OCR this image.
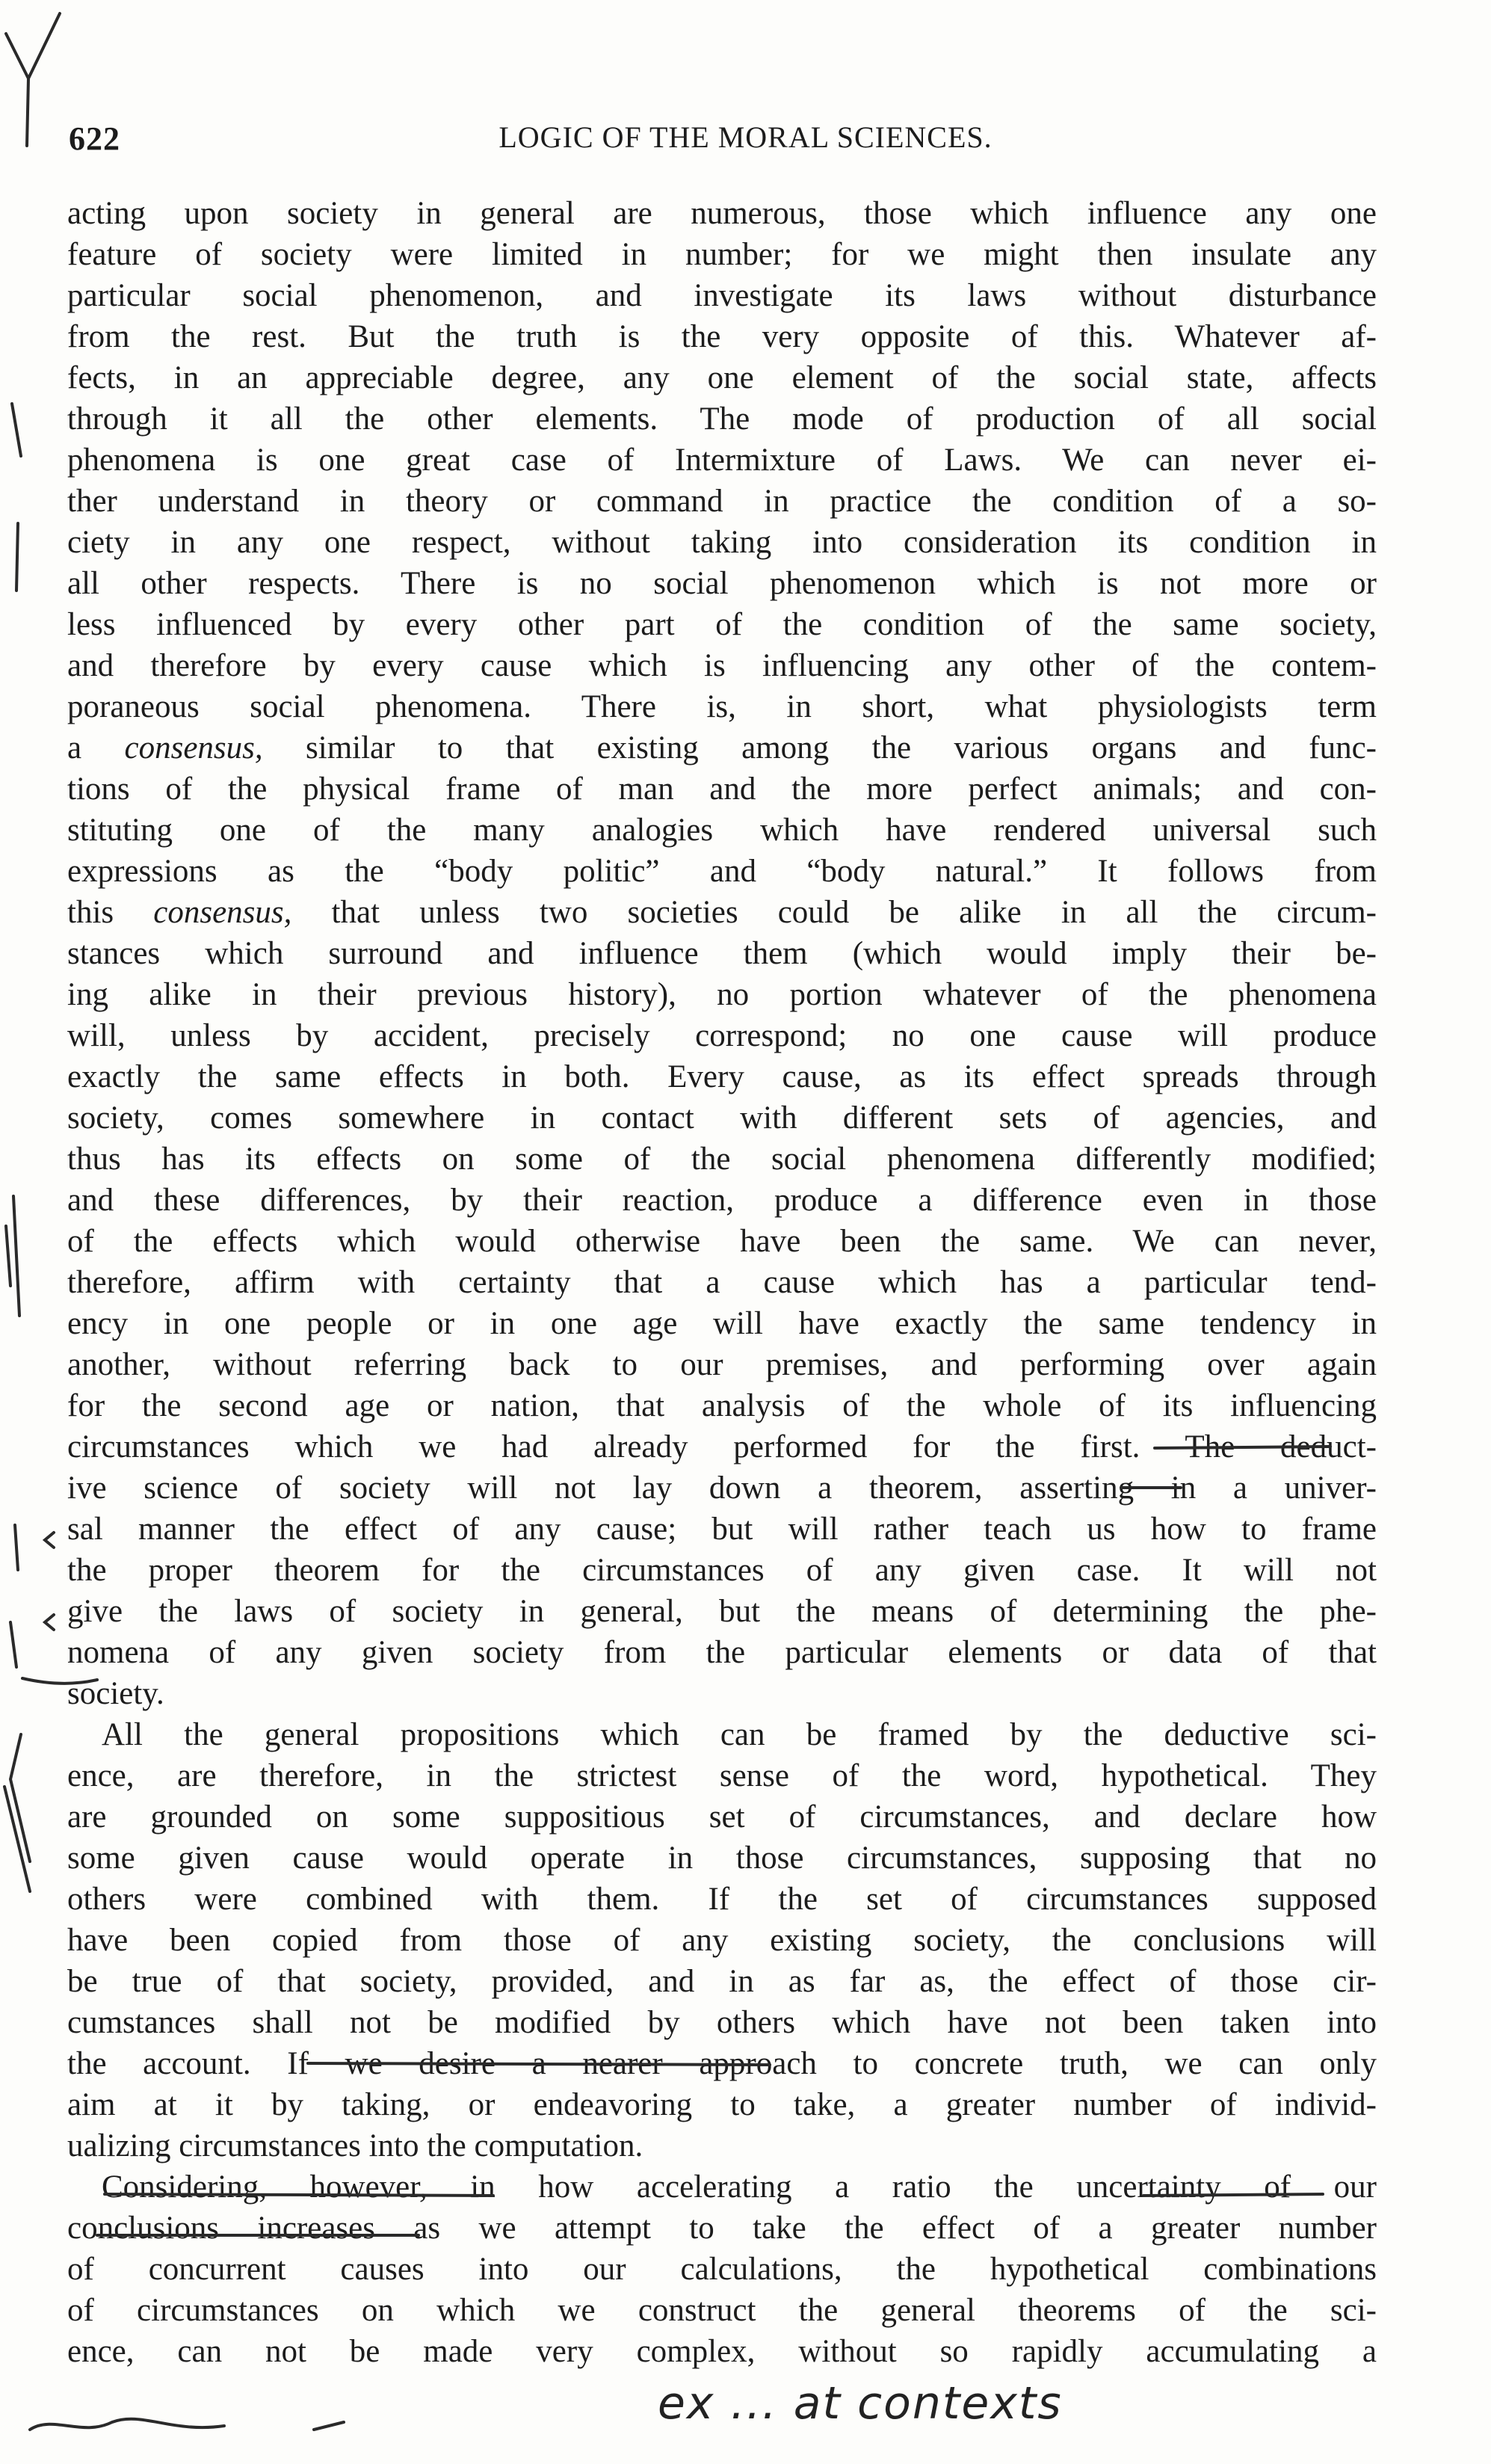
622	LOGIC OF THE MORAL SCIENCES.
acting upon society in general are numerous, those which influence any one
feature of society were limited in number; for we might then insulate any
particular social phenomenon, and investigate its laws without disturbance
from the rest. But the truth is the very opposite of this. Whatever af-
fects, in an appreciable degree, any one element of the social state, affects
through it all the other elements. The mode of production of all social
phenomena is one great case of Intermixture of Laws. We can never ei-
ther understand in theory or command in practice the condition of a so-
ciety in any one respect, without taking into consideration its condition in
all other respects. There is no social phenomenon which is not more or
less influenced by every other part of the condition of the same society,
and therefore by every cause which is influencing any other of the contem-
poraneous social phenomena. There is, in short, what physiologists term
a consensus, similar to that existing among the various organs and func-
tions of the physical frame of man and the more perfect animals; and con-
stituting one of the many analogies which have rendered universal such
expressions as the “body politic” and “body natural.” It follows from
this consensus, that unless two societies could be alike in all the circum-
stances which surround and influence them (which would imply their be-
ing alike in their previous history), no portion whatever of the phenomena
will, unless by accident, precisely correspond; no one cause will produce
exactly the same effects in both. Every cause, as its effect spreads through
society, comes somewhere in contact with different sets of agencies, and
thus has its effects on some of the social phenomena differently modified;
and these differences, by their reaction, produce a difference even in those
of the effects which would otherwise have been the same. We can never,
therefore, affirm with certainty that a cause which has a particular tend-
ency in one people or in one age will have exactly the same tendency in
another, without referring back to our premises, and performing over again
for the second age or nation, that analysis of the whole of its influencing
circumstances which we had already performed for the first. The deduct-
ive science of society will not lay down a theorem, asserting in a univer-
sal manner the effect of any cause; but will rather teach us how to frame
the proper theorem for the circumstances of any given case. It will not
give the laws of society in general, but the means of determining the phe-
nomena of any given society from the particular elements or data of that
society.
All the general propositions which can be framed by the deductive sci-
ence, are therefore, in the strictest sense of the word, hypothetical. They
are grounded on some suppositious set of circumstances, and declare how
some given cause would operate in those circumstances, supposing that no
others were combined with them. If the set of circumstances supposed
have been copied from those of any existing society, the conclusions will
be true of that society, provided, and in as far as, the effect of those cir-
cumstances shall not be modified by others which have not been taken into
the account. If we desire a nearer approach to concrete truth, we can only
aim at it by taking, or endeavoring to take, a greater number of individ-
ualizing circumstances into the computation.
Considering, however, in how accelerating a ratio the uncertainty of our
conclusions increases as we attempt to take the effect of a greater number
of concurrent causes into our calculations, the hypothetical combinations
of circumstances on which we construct the general theorems of the sci-
ence, can not be made very complex, without so rapidly accumulating a
ex ... at contexts
